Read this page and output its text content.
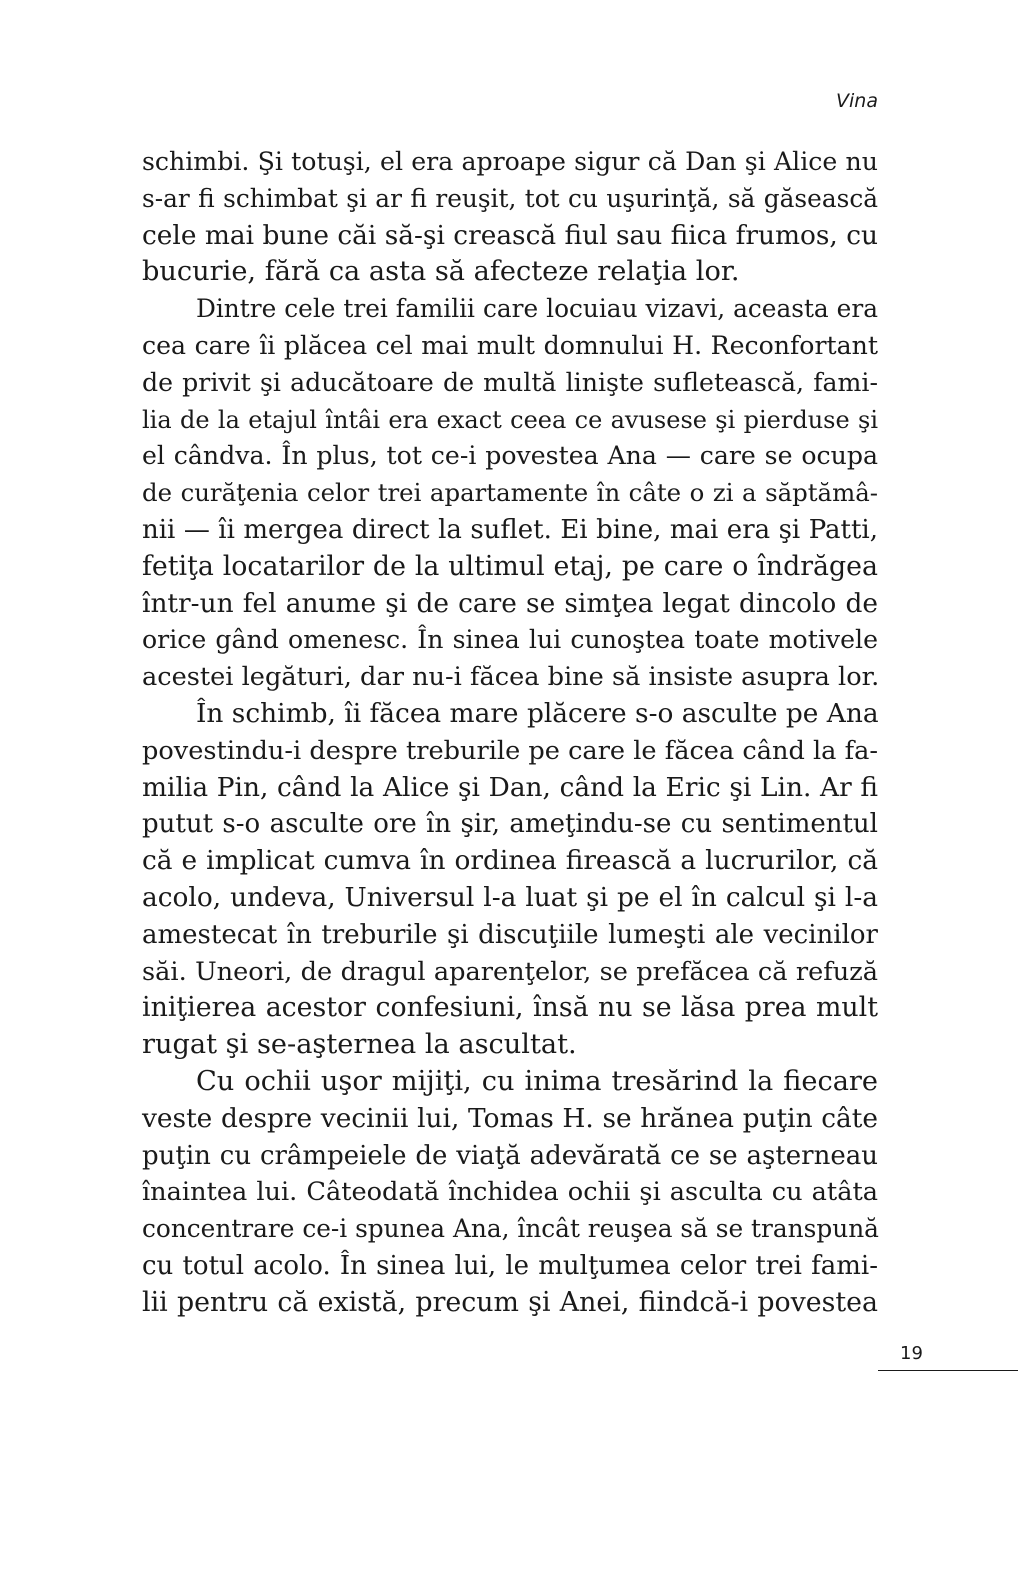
Vina
schimbi. Şi totuşi, el era aproape sigur că Dan şi Alice nu
s-ar fi schimbat şi ar fi reuşit, tot cu uşurinţă, să găsească
cele mai bune căi să-şi crească fiul sau fiica frumos, cu
bucurie, fără ca asta să afecteze relaţia lor.
Dintre cele trei familii care locuiau vizavi, aceasta era
cea care îi plăcea cel mai mult domnului H. Reconfortant
de privit şi aducătoare de multă linişte sufletească, fami-
lia de la etajul întâi era exact ceea ce avusese şi pierduse şi
el cândva. În plus, tot ce-i povestea Ana — care se ocupa
de curăţenia celor trei apartamente în câte o zi a săptămâ-
nii — îi mergea direct la suflet. Ei bine, mai era şi Patti,
fetiţa locatarilor de la ultimul etaj, pe care o îndrăgea
într-un fel anume şi de care se simţea legat dincolo de
orice gând omenesc. În sinea lui cunoştea toate motivele
acestei legături, dar nu-i făcea bine să insiste asupra lor.
În schimb, îi făcea mare plăcere s-o asculte pe Ana
povestindu-i despre treburile pe care le făcea când la fa-
milia Pin, când la Alice şi Dan, când la Eric şi Lin. Ar fi
putut s-o asculte ore în şir, ameţindu-se cu sentimentul
că e implicat cumva în ordinea firească a lucrurilor, că
acolo, undeva, Universul l-a luat şi pe el în calcul şi l-a
amestecat în treburile şi discuţiile lumeşti ale vecinilor
săi. Uneori, de dragul aparenţelor, se prefăcea că refuză
iniţierea acestor confesiuni, însă nu se lăsa prea mult
rugat şi se-aşternea la ascultat.
Cu ochii uşor mijiţi, cu inima tresărind la fiecare
veste despre vecinii lui, Tomas H. se hrănea puţin câte
puţin cu crâmpeiele de viaţă adevărată ce se aşterneau
înaintea lui. Câteodată închidea ochii şi asculta cu atâta
concentrare ce-i spunea Ana, încât reuşea să se transpună
cu totul acolo. În sinea lui, le mulţumea celor trei fami-
lii pentru că există, precum şi Anei, fiindcă-i povestea
19
